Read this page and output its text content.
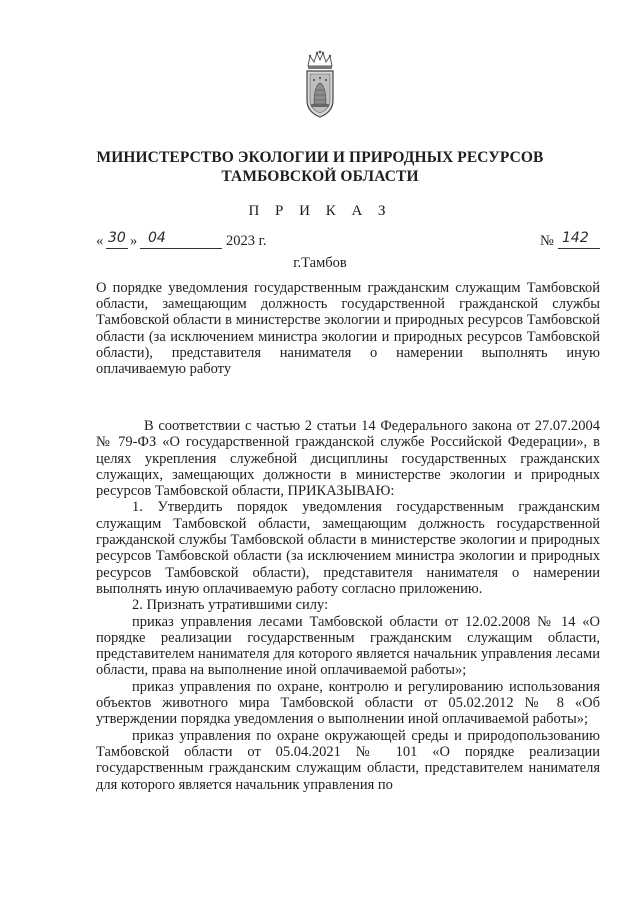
МИНИСТЕРСТВО ЭКОЛОГИИ И ПРИРОДНЫХ РЕСУРСОВ
ТАМБОВСКОЙ ОБЛАСТИ
П Р И К А З
« 30 » 04	2023 г.	№ 142
г.Тамбов
О порядке уведомления государственным гражданским служащим Тамбовской области, замещающим должность государственной гражданской службы Тамбовской области в министерстве экологии и природных ресурсов Тамбовской области (за исключением министра экологии и природных ресурсов Тамбовской области), представителя нанимателя о намерении выполнять иную оплачиваемую работу

В соответствии с частью 2 статьи 14 Федерального закона от 27.07.2004 № 79-ФЗ «О государственной гражданской службе Российской Федерации», в целях укрепления служебной дисциплины государственных гражданских служащих, замещающих должности в министерстве экологии и природных ресурсов Тамбовской области, ПРИКАЗЫВАЮ:

1. Утвердить порядок уведомления государственным гражданским служащим Тамбовской области, замещающим должность государственной гражданской службы Тамбовской области в министерстве экологии и природных ресурсов Тамбовской области (за исключением министра экологии и природных ресурсов Тамбовской области), представителя нанимателя о намерении выполнять иную оплачиваемую работу согласно приложению.

2. Признать утратившими силу:

приказ управления лесами Тамбовской области от 12.02.2008 № 14 «О порядке реализации государственным гражданским служащим области, представителем нанимателя для которого является начальник управления лесами области, права на выполнение иной оплачиваемой работы»;

приказ управления по охране, контролю и регулированию использования объектов животного мира Тамбовской области от 05.02.2012 № 8 «Об утверждении порядка уведомления о выполнении иной оплачиваемой работы»;

приказ управления по охране окружающей среды и природопользованию Тамбовской области от 05.04.2021 № 101 «О порядке реализации государственным гражданским служащим области, представителем нанимателя для которого является начальник управления по
